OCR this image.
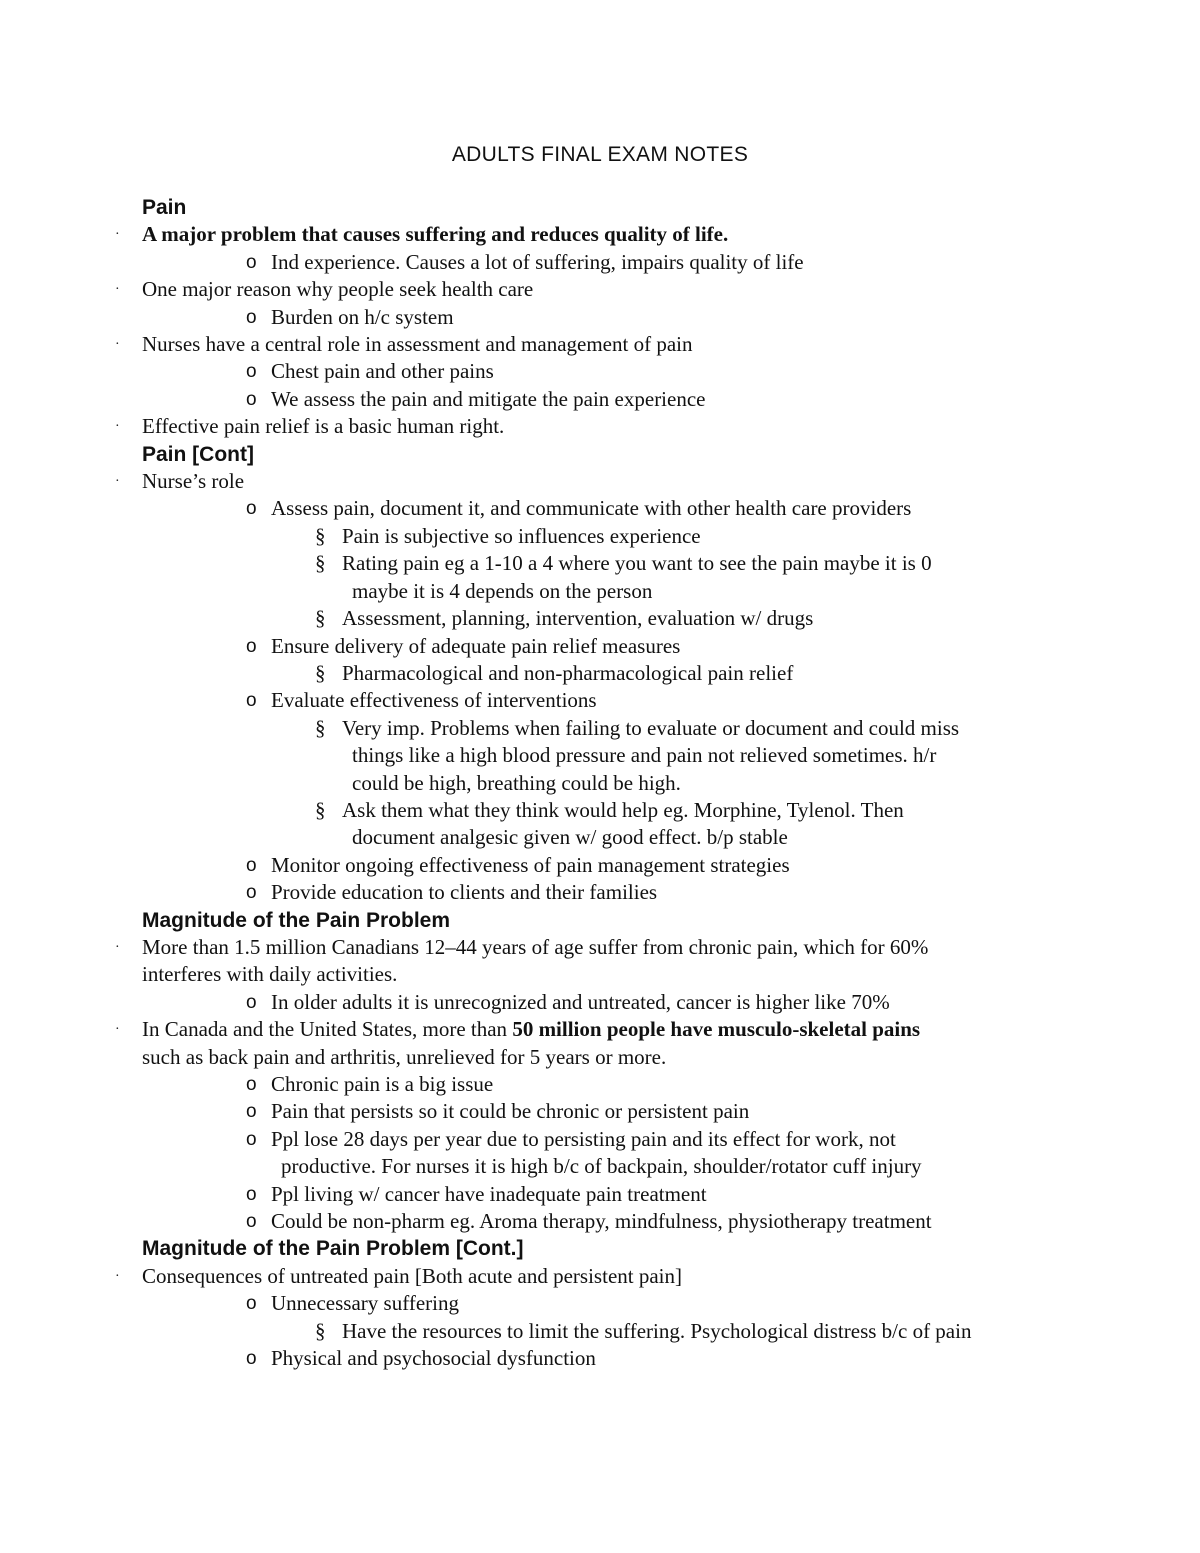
ADULTS FINAL EXAM NOTES
Pain
· A major problem that causes suffering and reduces quality of life.
o Ind experience. Causes a lot of suffering, impairs quality of life
· One major reason why people seek health care
o Burden on h/c system
· Nurses have a central role in assessment and management of pain
o Chest pain and other pains
o We assess the pain and mitigate the pain experience
· Effective pain relief is a basic human right.
Pain [Cont]
· Nurse’s role
o Assess pain, document it, and communicate with other health care providers
§ Pain is subjective so influences experience
§ Rating pain eg a 1-10 a 4 where you want to see the pain maybe it is 0
maybe it is 4 depends on the person
§ Assessment, planning, intervention, evaluation w/ drugs
o Ensure delivery of adequate pain relief measures
§ Pharmacological and non-pharmacological pain relief
o Evaluate effectiveness of interventions
§ Very imp. Problems when failing to evaluate or document and could miss
things like a high blood pressure and pain not relieved sometimes. h/r
could be high, breathing could be high.
§ Ask them what they think would help eg. Morphine, Tylenol. Then
document analgesic given w/ good effect. b/p stable
o Monitor ongoing effectiveness of pain management strategies
o Provide education to clients and their families
Magnitude of the Pain Problem
· More than 1.5 million Canadians 12–44 years of age suffer from chronic pain, which for 60%
interferes with daily activities.
o In older adults it is unrecognized and untreated, cancer is higher like 70%
· In Canada and the United States, more than 50 million people have musculo-skeletal pains
such as back pain and arthritis, unrelieved for 5 years or more.
o Chronic pain is a big issue
o Pain that persists so it could be chronic or persistent pain
o Ppl lose 28 days per year due to persisting pain and its effect for work, not
productive. For nurses it is high b/c of backpain, shoulder/rotator cuff injury
o Ppl living w/ cancer have inadequate pain treatment
o Could be non-pharm eg. Aroma therapy, mindfulness, physiotherapy treatment
Magnitude of the Pain Problem [Cont.]
· Consequences of untreated pain [Both acute and persistent pain]
o Unnecessary suffering
§ Have the resources to limit the suffering. Psychological distress b/c of pain
o Physical and psychosocial dysfunction
